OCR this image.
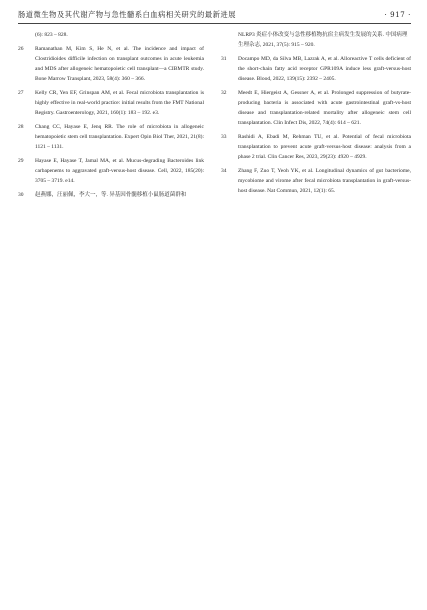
肠道微生物及其代谢产物与急性髓系白血病相关研究的最新进展	· 917 ·
(6): 823 – 828.
26	Ramanathan M, Kim S, He N, et al. The incidence and impact of Clostridioides difficile infection on transplant outcomes in acute leukemia and MDS after allogeneic hematopoietic cell transplant—a CIBMTR study. Bone Marrow Transplant, 2023, 58(4): 360 – 366.
27	Kelly CR, Yen EF, Grinspan AM, et al. Fecal microbiota transplantation is highly effective in real-world practice: initial results from the FMT National Registry. Gastroenterology, 2021, 160(1): 183 – 192. e3.
28	Chang CC, Hayase E, Jenq RR. The role of microbiota in allogeneic hematopoietic stem cell transplantation. Expert Opin Biol Ther, 2021, 21(8): 1121 – 1131.
29	Hayase E, Hayase T, Jamal MA, et al. Mucus-degrading Bacteroides link carbapenems to aggravated graft-versus-host disease. Cell, 2022, 185(20): 3705 – 3719. e14.
30	赵燕娜，汪丽佩，李大一，等. 异基因骨髓移植小鼠肠道菌群和
NLRP3 炎症小体改变与急性移植物抗宿主病发生发展的关系. 中国病理生理杂志, 2021, 37(5): 915 – 920.
31	Docampo MD, da Silva MB, Lazrak A, et al. Alloreactive T cells deficient of the short-chain fatty acid receptor GPR109A induce less graft-versus-host disease. Blood, 2022, 139(15): 2392 – 2405.
32	Meedt E, Hiergeist A, Gessner A, et al. Prolonged suppression of butyrate-producing bacteria is associated with acute gastrointestinal graft-vs-host disease and transplantation-related mortality after allogeneic stem cell transplantation. Clin Infect Dis, 2022, 74(4): 614 – 621.
33	Rashidi A, Ebadi M, Rehman TU, et al. Potential of fecal microbiota transplantation to prevent acute graft-versus-host disease: analysis from a phase 2 trial. Clin Cancer Res, 2023, 29(23): 4920 – 4929.
34	Zhang F, Zuo T, Yeoh YK, et al. Longitudinal dynamics of gut bacteriome, mycobiome and virome after fecal microbiota transplantation in graft-versus-host disease. Nat Commun, 2021, 12(1): 65.
